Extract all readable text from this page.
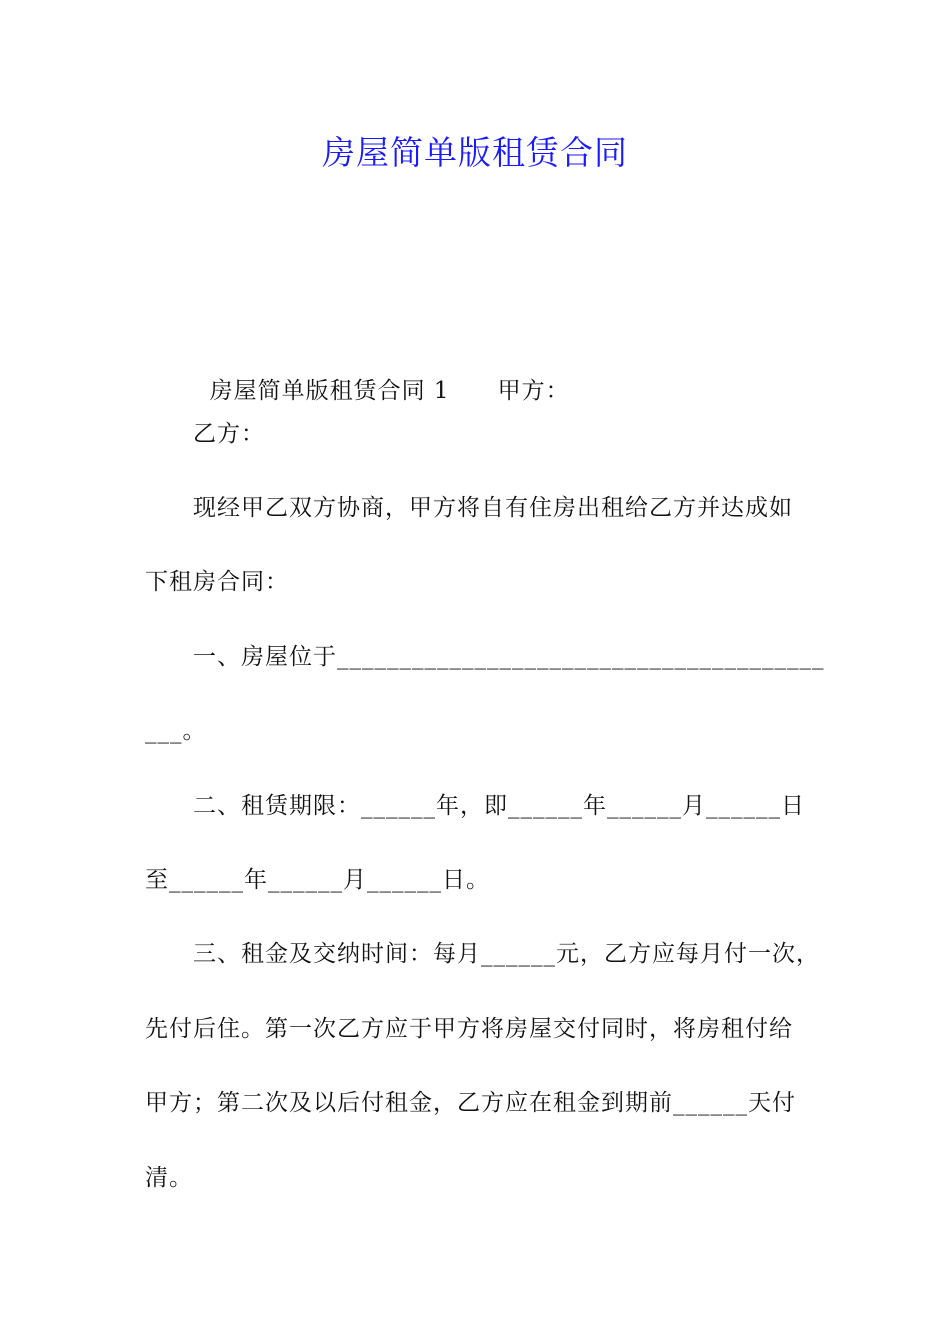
房屋简单版租赁合同

房屋简单版租赁合同 1 甲方：

乙方：
现经甲乙双方协商，甲方将自有住房出租给乙方并达成如
下租房合同：
一、房屋位于_______________________________________
___。
二、租赁期限：______年，即______年______月______日
至______年______月______日。
三、租金及交纳时间：每月______元，乙方应每月付一次，
先付后住。第一次乙方应于甲方将房屋交付同时，将房租付给
甲方；第二次及以后付租金，乙方应在租金到期前______天付
清。
